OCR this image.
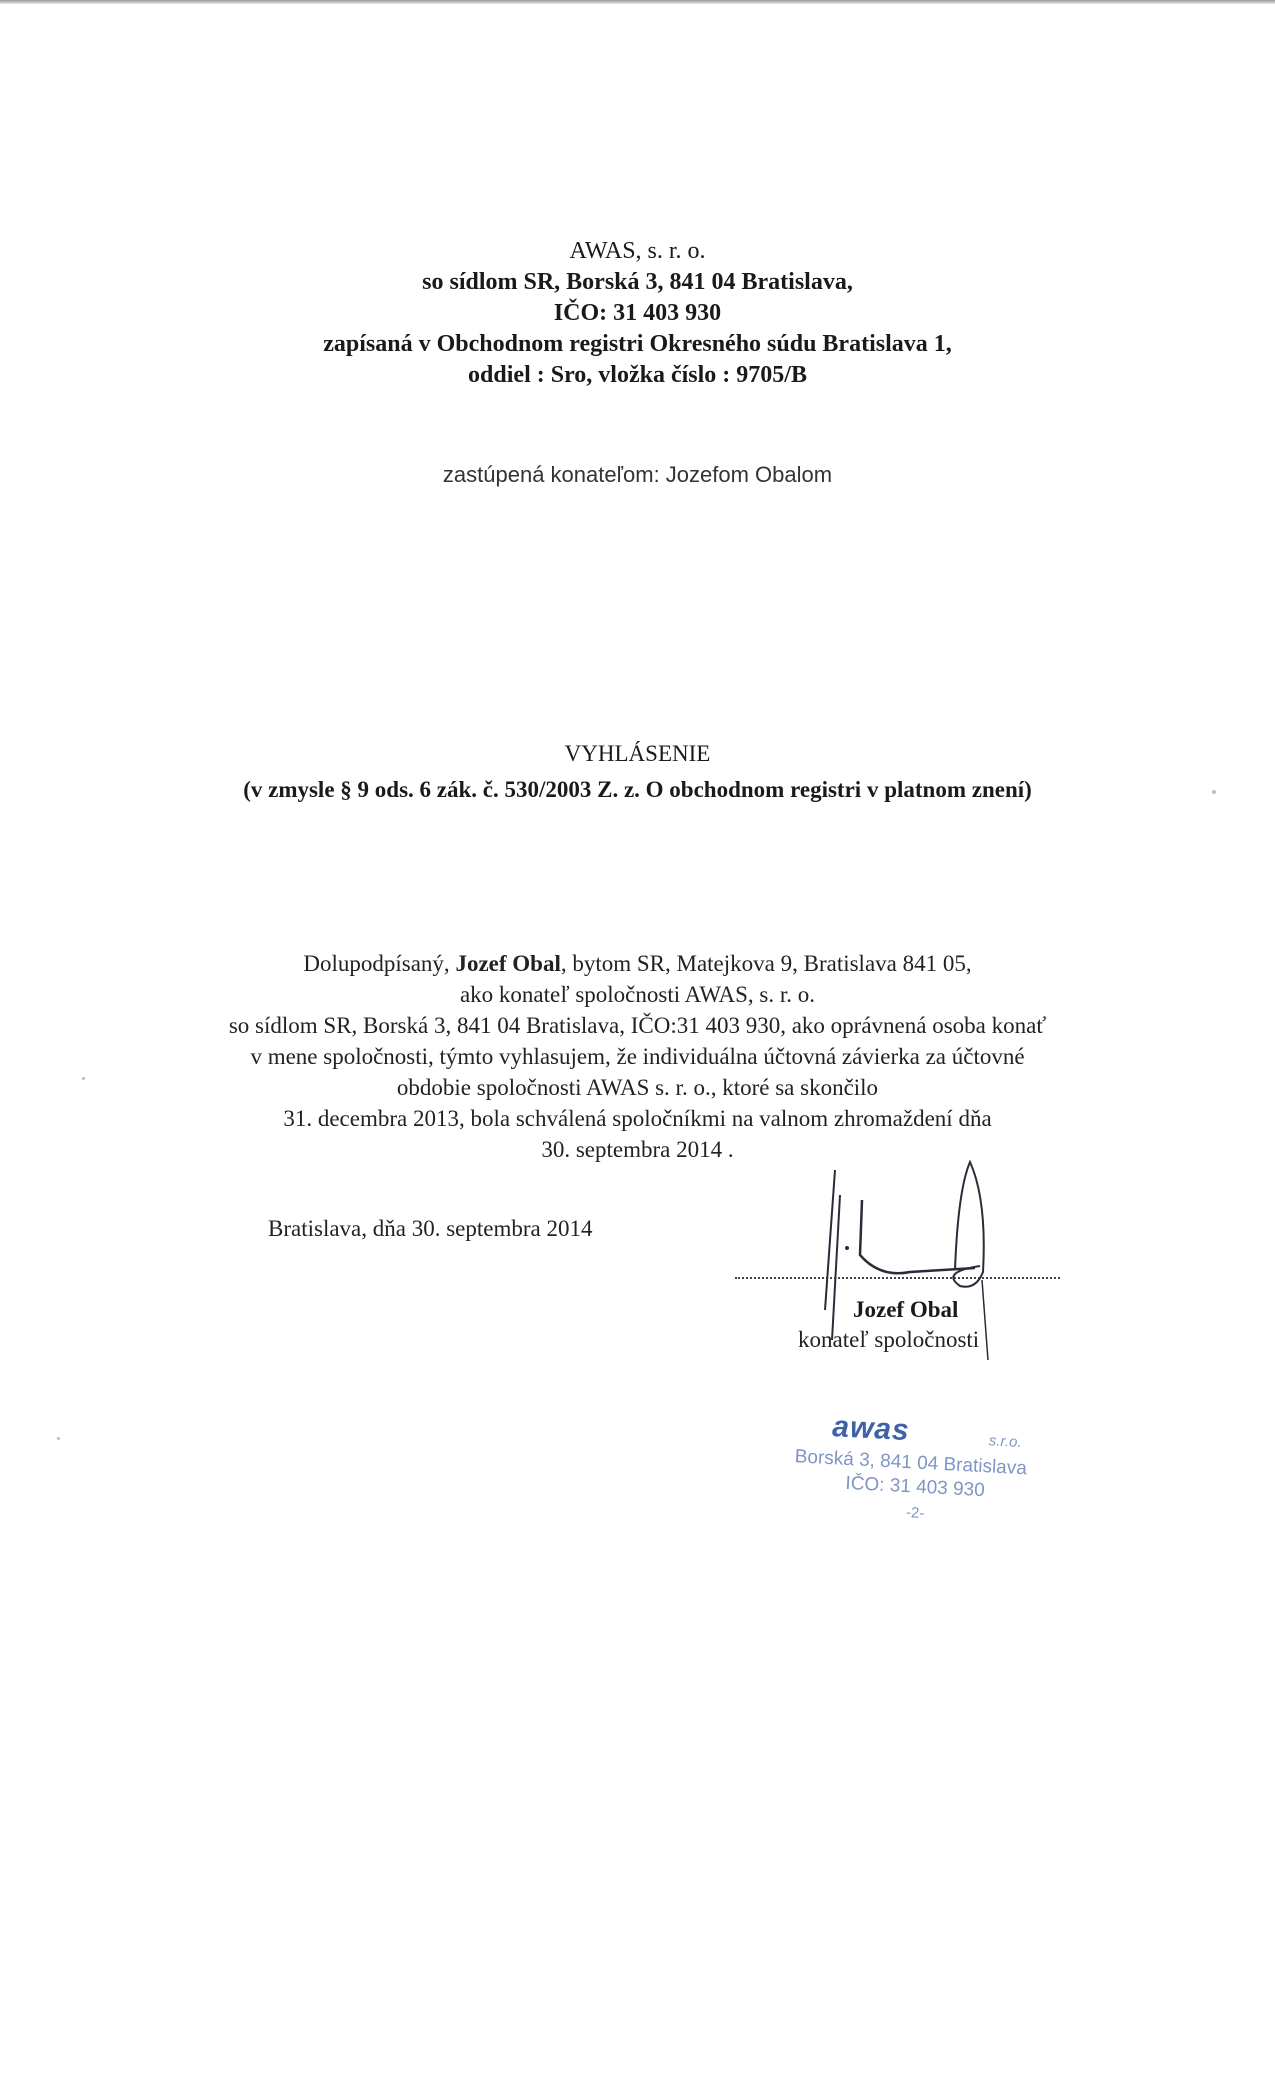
AWAS, s. r. o.
so sídlom SR, Borská 3, 841 04 Bratislava,
IČO: 31 403 930
zapísaná v Obchodnom registri Okresného súdu Bratislava 1,
oddiel : Sro, vložka číslo : 9705/B
zastúpená konateľom: Jozefom Obalom
VYHLÁSENIE
(v zmysle § 9 ods. 6 zák. č. 530/2003 Z. z. O obchodnom registri v platnom znení)

Dolupodpísaný, Jozef Obal, bytom SR, Matejkova 9, Bratislava 841 05,

ako konateľ spoločnosti AWAS, s. r. o.

so sídlom SR, Borská 3, 841 04 Bratislava, IČO:31 403 930, ako oprávnená osoba konať

v mene spoločnosti, týmto vyhlasujem, že individuálna účtovná závierka za účtovné

obdobie spoločnosti AWAS s. r. o., ktoré sa skončilo

31. decembra 2013, bola schválená spoločníkmi na valnom zhromaždení dňa

30. septembra 2014 .

Bratislava, dňa 30. septembra 2014
Jozef Obal
konateľ spoločnosti
awas	s.r.o.
Borská 3, 841 04 Bratislava
IČO: 31 403 930
-2-
